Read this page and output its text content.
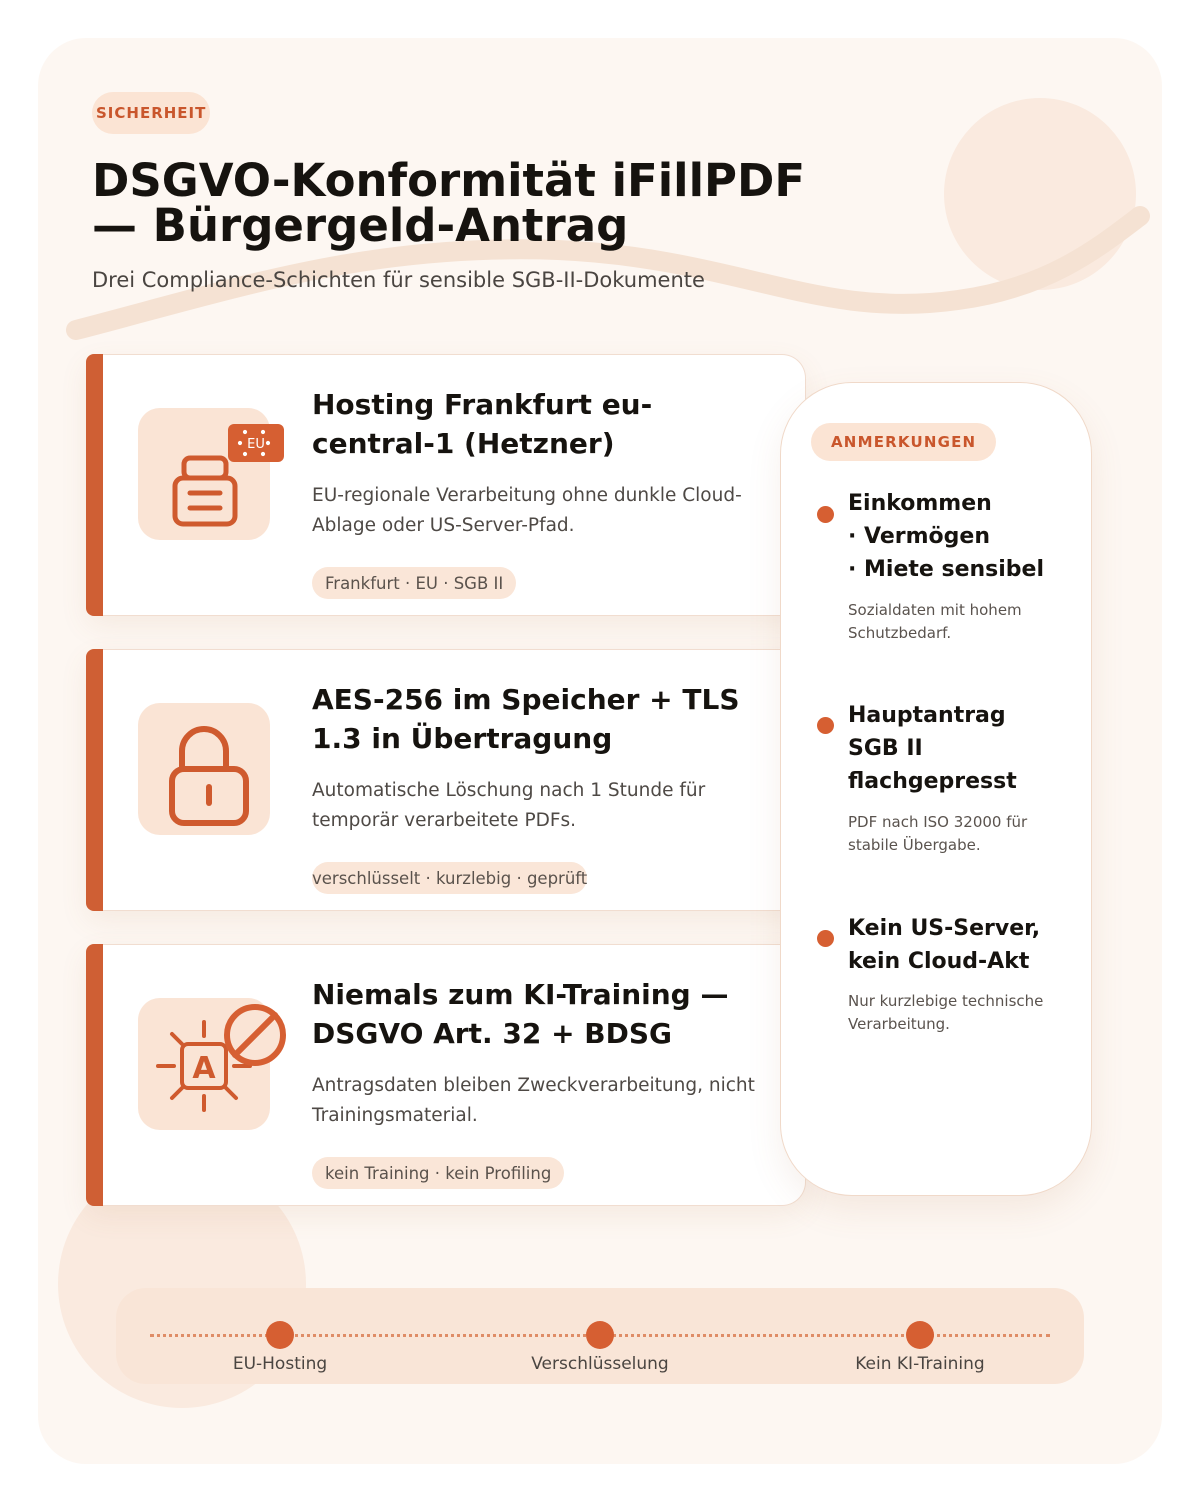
SICHERHEIT
DSGVO-Konformität iFillPDF — Bürgergeld-Antrag

Drei Compliance-Schichten für sensible SGB-II-Dokumente

EU
Hosting Frankfurt eu-central-1 (Hetzner)
EU-regionale Verarbeitung ohne dunkle Cloud-Ablage oder US-Server-Pfad.
Frankfurt · EU · SGB II
AES-256 im Speicher + TLS 1.3 in Übertragung
Automatische Löschung nach 1 Stunde für temporär verarbeitete PDFs.
verschlüsselt · kurzlebig · geprüft
A
Niemals zum KI-Training — DSGVO Art. 32 + BDSG
Antragsdaten bleiben Zweckverarbeitung, nicht Trainingsmaterial.
kein Training · kein Profiling
ANMERKUNGEN
Einkommen
· Vermögen
· Miete sensibel
Sozialdaten mit hohem Schutzbedarf.
Hauptantrag
SGB II
flachgepresst
PDF nach ISO 32000 für stabile Übergabe.
Kein US-Server,
kein Cloud-Akt
Nur kurzlebige technische Verarbeitung.
EU-Hosting	Verschlüsselung	Kein KI-Training
